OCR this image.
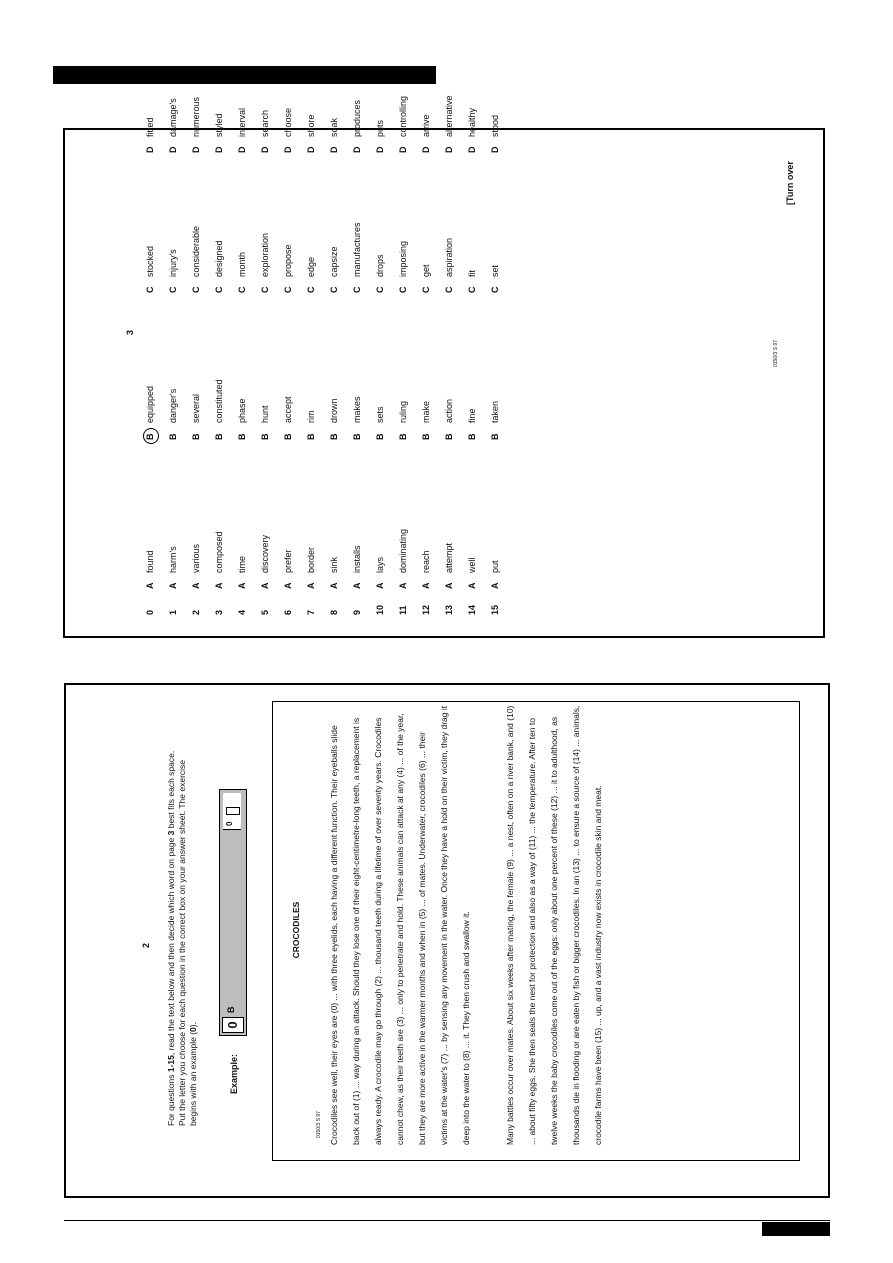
3
0
A
found
B
equipped
C
stocked
D
fitted
1
A
harm's
B
danger's
C
injury's
D
damage's
2
A
various
B
several
C
considerable
D
numerous
3
A
composed
B
constituted
C
designed
D
styled
4
A
time
B
phase
C
month
D
interval
5
A
discovery
B
hunt
C
exploration
D
search
6
A
prefer
B
accept
C
propose
D
choose
7
A
border
B
rim
C
edge
D
shore
8
A
sink
B
drown
C
capsize
D
soak
9
A
installs
B
makes
C
manufactures
D
produces
10
A
lays
B
sets
C
drops
D
puts
11
A
dominating
B
ruling
C
imposing
D
controlling
12
A
reach
B
make
C
get
D
arrive
13
A
attempt
B
action
C
aspiration
D
alternative
14
A
well
B
fine
C
fit
D
healthy
15
A
put
B
taken
C
set
D
stood
0150/3 S 97
[Turn over
2
For questions 1-15, read the text below and then decide which word on page 3 best fits each space. Put the letter you choose for each question in the correct box on your answer sheet. The exercise begins with an example (0).
Example:
0
B
0
CROCODILES	Crocodiles see well, their eyes are (0) ... with three eyelids, each having a different function. Their eyeballs slide back out of (1) ... way during an attack. Should they lose one of their eight-centimetre-long teeth, a replacement is always ready. A crocodile may go through (2) ... thousand teeth during a lifetime of over seventy years. Crocodiles cannot chew, as their teeth are (3) ... only to penetrate and hold. These animals can attack at any (4) ... of the year, but they are more active in the warmer months and when in (5) ... of mates. Underwater, crocodiles (6) ... their victims at the water's (7) ... by sensing any movement in the water. Once they have a hold on their victim, they drag it deep into the water to (8) ... it. They then crush and swallow it.	Many battles occur over mates. About six weeks after mating, the female (9) ... a nest, often on a river bank, and (10) ... about fifty eggs. She then seals the nest for protection and also as a way of (11) ... the temperature. After ten to twelve weeks the baby crocodiles come out of the eggs: only about one percent of these (12) ... it to adulthood, as thousands die in flooding or are eaten by fish or bigger crocodiles. In an (13) ... to ensure a source of (14) ... animals, crocodile farms have been (15) ... up, and a vast industry now exists in crocodile skin and meat.

0150/3 S 97
